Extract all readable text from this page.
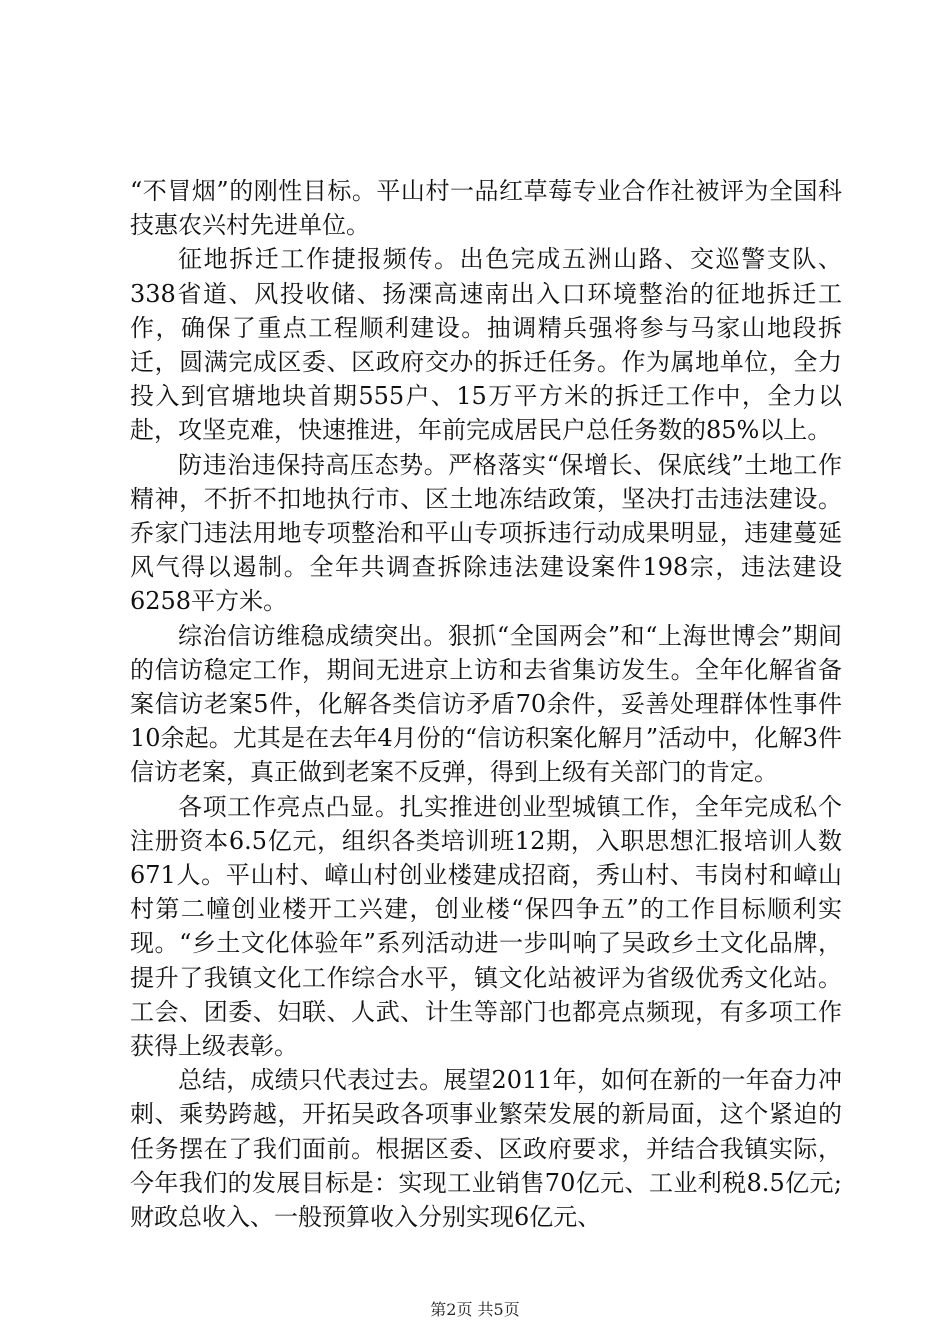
“不冒烟”的刚性目标。平山村一品红草莓专业合作社被评为全国科技惠农兴村先进单位。

征地拆迁工作捷报频传。出色完成五洲山路、交巡警支队、338省道、风投收储、扬溧高速南出入口环境整治的征地拆迁工作，确保了重点工程顺利建设。抽调精兵强将参与马家山地段拆迁，圆满完成区委、区政府交办的拆迁任务。作为属地单位，全力投入到官塘地块首期555户、15万平方米的拆迁工作中，全力以赴，攻坚克难，快速推进，年前完成居民户总任务数的85%以上。

防违治违保持高压态势。严格落实“保增长、保底线”土地工作精神，不折不扣地执行市、区土地冻结政策，坚决打击违法建设。乔家门违法用地专项整治和平山专项拆违行动成果明显，违建蔓延风气得以遏制。全年共调查拆除违法建设案件198宗，违法建设6258平方米。

综治信访维稳成绩突出。狠抓“全国两会”和“上海世博会”期间的信访稳定工作，期间无进京上访和去省集访发生。全年化解省备案信访老案5件，化解各类信访矛盾70余件，妥善处理群体性事件10余起。尤其是在去年4月份的“信访积案化解月”活动中，化解3件信访老案，真正做到老案不反弹，得到上级有关部门的肯定。

各项工作亮点凸显。扎实推进创业型城镇工作，全年完成私个注册资本6.5亿元，组织各类培训班12期，入职思想汇报培训人数671人。平山村、嶂山村创业楼建成招商，秀山村、韦岗村和嶂山村第二幢创业楼开工兴建，创业楼“保四争五”的工作目标顺利实现。“乡土文化体验年”系列活动进一步叫响了吴政乡土文化品牌，提升了我镇文化工作综合水平，镇文化站被评为省级优秀文化站。工会、团委、妇联、人武、计生等部门也都亮点频现，有多项工作获得上级表彰。

总结，成绩只代表过去。展望2011年，如何在新的一年奋力冲刺、乘势跨越，开拓吴政各项事业繁荣发展的新局面，这个紧迫的任务摆在了我们面前。根据区委、区政府要求，并结合我镇实际，今年我们的发展目标是：实现工业销售70亿元、工业利税8.5亿元;财政总收入、一般预算收入分别实现6亿元、

第2页 共5页
